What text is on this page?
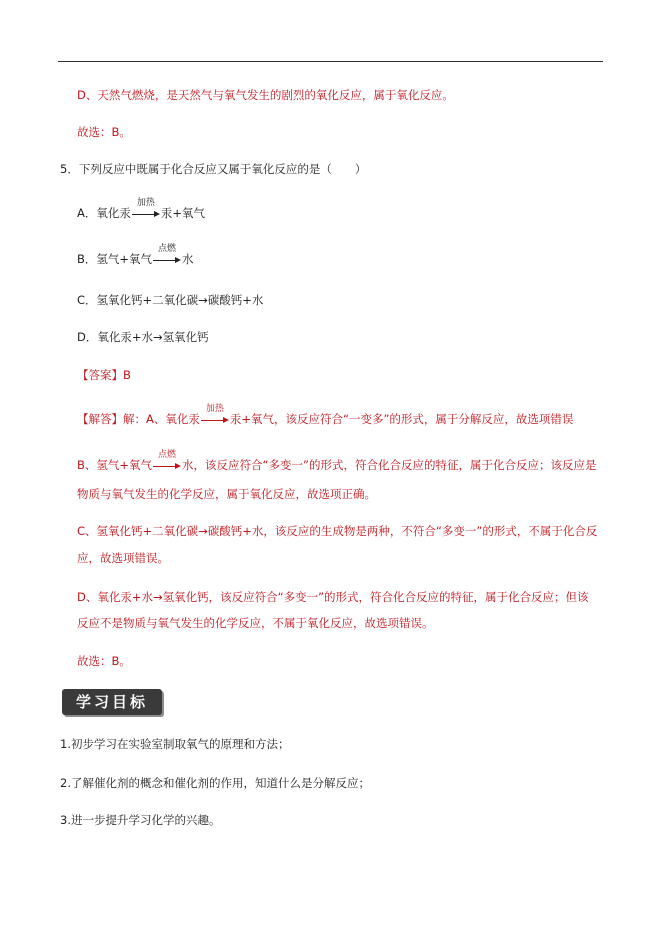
D、天然气燃烧，是天然气与氧气发生的剧烈的氧化反应，属于氧化反应。
故选：B。
5．下列反应中既属于化合反应又属于氧化反应的是（　　）
A．氧化汞
加热
汞+氧气
B．氢气+氧气
点燃
水
C．氢氧化钙+二氧化碳→碳酸钙+水
D．氧化汞+水→氢氧化钙
【答案】B
【解答】解：A、氧化汞
加热
汞+氧气，该反应符合“一变多”的形式，属于分解反应，故选项错误
B、氢气+氧气
点燃
水，该反应符合“多变一”的形式，符合化合反应的特征，属于化合反应；该反应是
物质与氧气发生的化学反应，属于氧化反应，故选项正确。
C、氢氧化钙+二氧化碳→碳酸钙+水，该反应的生成物是两种，不符合“多变一”的形式，不属于化合反
应，故选项错误。
D、氧化汞+水→氢氧化钙，该反应符合“多变一”的形式，符合化合反应的特征，属于化合反应；但该
反应不是物质与氧气发生的化学反应，不属于氧化反应，故选项错误。
故选：B。
学习目标
1.初步学习在实验室制取氧气的原理和方法；
2.了解催化剂的概念和催化剂的作用，知道什么是分解反应；
3.进一步提升学习化学的兴趣。
